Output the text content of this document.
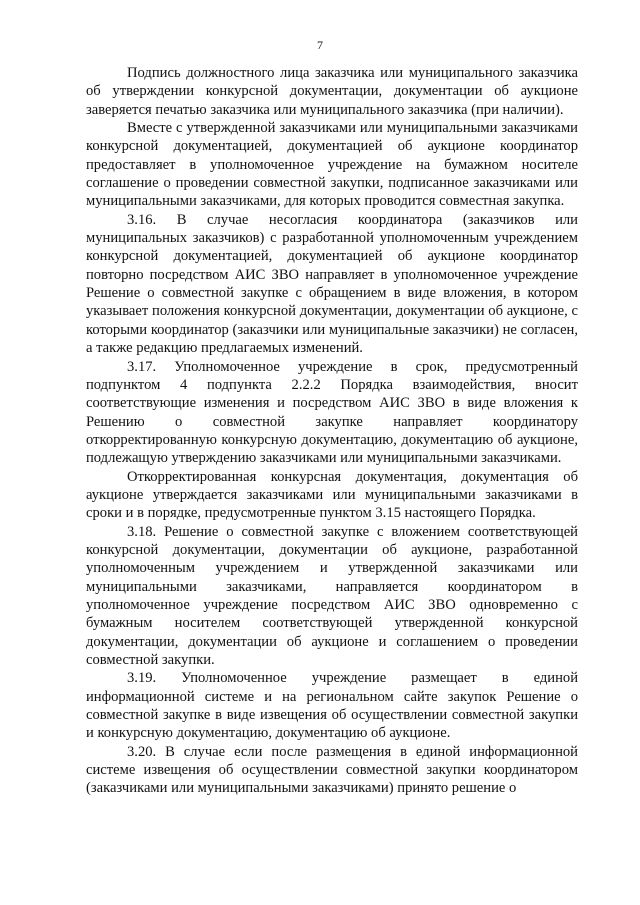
7

Подпись должностного лица заказчика или муниципального заказчика об утверждении конкурсной документации, документации об аукционе заверяется печатью заказчика или муниципального заказчика (при наличии).

Вместе с утвержденной заказчиками или муниципальными заказчиками конкурсной документацией, документацией об аукционе координатор предоставляет в уполномоченное учреждение на бумажном носителе соглашение о проведении совместной закупки, подписанное заказчиками или муниципальными заказчиками, для которых проводится совместная закупка.

3.16. В случае несогласия координатора (заказчиков или муниципальных заказчиков) с разработанной уполномоченным учреждением конкурсной документацией, документацией об аукционе координатор повторно посредством АИС ЗВО направляет в уполномоченное учреждение Решение о совместной закупке с обращением в виде вложения, в котором указывает положения конкурсной документации, документации об аукционе, с которыми координатор (заказчики или муниципальные заказчики) не согласен, а также редакцию предлагаемых изменений.

3.17. Уполномоченное учреждение в срок, предусмотренный подпунктом 4 подпункта 2.2.2 Порядка взаимодействия, вносит соответствующие изменения и посредством АИС ЗВО в виде вложения к Решению о совместной закупке направляет координатору откорректированную конкурсную документацию, документацию об аукционе, подлежащую утверждению заказчиками или муниципальными заказчиками.

Откорректированная конкурсная документация, документация об аукционе утверждается заказчиками или муниципальными заказчиками в сроки и в порядке, предусмотренные пунктом 3.15 настоящего Порядка.

3.18. Решение о совместной закупке с вложением соответствующей конкурсной документации, документации об аукционе, разработанной уполномоченным учреждением и утвержденной заказчиками или муниципальными заказчиками, направляется координатором в уполномоченное учреждение посредством АИС ЗВО одновременно с бумажным носителем соответствующей утвержденной конкурсной документации, документации об аукционе и соглашением о проведении совместной закупки.

3.19. Уполномоченное учреждение размещает в единой информационной системе и на региональном сайте закупок Решение о совместной закупке в виде извещения об осуществлении совместной закупки и конкурсную документацию, документацию об аукционе.

3.20. В случае если после размещения в единой информационной системе извещения об осуществлении совместной закупки координатором (заказчиками или муниципальными заказчиками) принято решение о
